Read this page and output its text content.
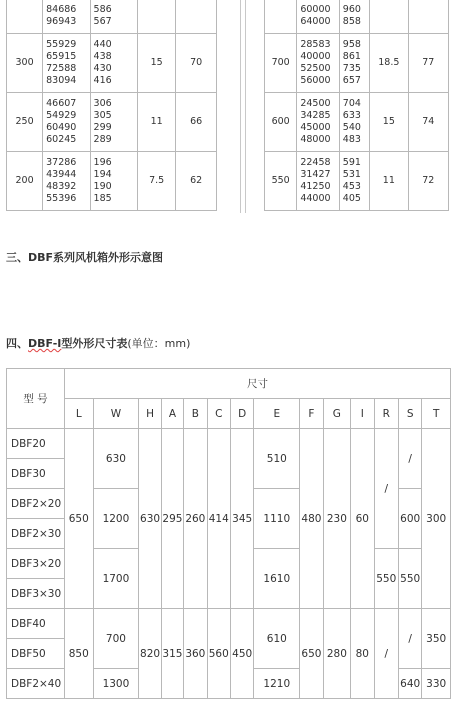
	84686
96943	586
567		
300	55929
65915
72588
83094	440
438
430
416	15	70
250	46607
54929
60490
60245	306
305
299
289	11	66
200	37286
43944
48392
55396	196
194
190
185	7.5	62
	60000
64000	960
858		
700	28583
40000
52500
56000	958
861
735
657	18.5	77
600	24500
34285
45000
48000	704
633
540
483	15	74
550	22458
31427
41250
44000	591
531
453
405	11	72
三、DBF系列风机箱外形示意图
四、DBF-Ⅰ型外形尺寸表(单位：mm)
型 号	尺寸													
	L	W	H	A	B	C	D	E	F	G	I	R	S	T
DBF20	650	630	630	295	260	414	345	510	480	230	60	/	/	300
DBF30														
DBF2×20		1200						1110					600	
DBF2×30														
DBF3×20		1700						1610				550	550	
DBF3×30														
DBF40	850	700	820	315	360	560	450	610	650	280	80	/	/	350
DBF50														
DBF2×40		1300						1210					640	330
